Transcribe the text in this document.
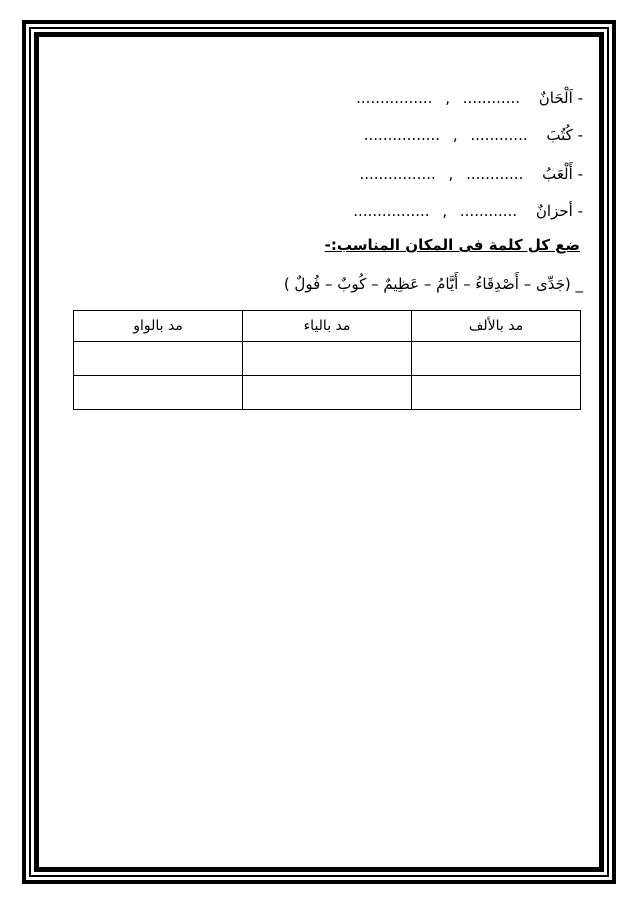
- اَلْحَانٌ ............ , ................
- كُتُبَ ............ , ................
- أَلْعَبُ ............ , ................
- أحزانٌ ............ , ................
ضع كل كلمة فى المكان المناسب:-
_ (جَدِّى – أَصْدِقَاءُ – أَيَّامُ – عَظِيمٌ – كُوبٌ – فُولٌ )
مد بالألف	مد بالياء	مد بالواو
